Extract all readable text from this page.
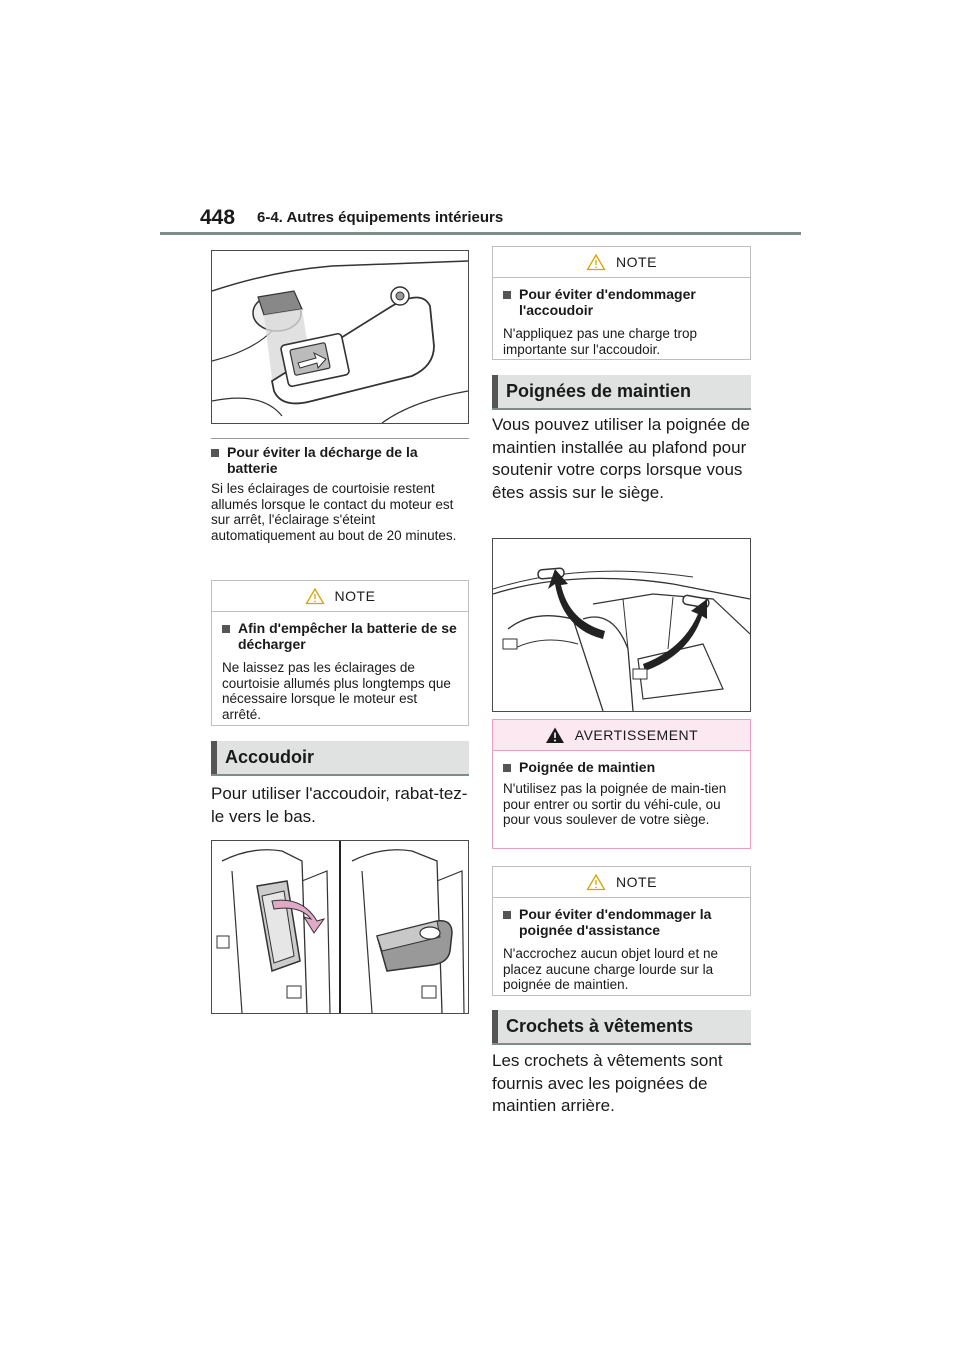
448 6-4. Autres équipements intérieurs
Pour éviter la décharge de la batterie
Si les éclairages de courtoisie restent allumés lorsque le contact du moteur est sur arrêt, l'éclairage s'éteint automatiquement au bout de 20 minutes.
NOTE
Afin d'empêcher la batterie de se décharger
Ne laissez pas les éclairages de courtoisie allumés plus longtemps que nécessaire lorsque le moteur est arrêté.
Accoudoir
Pour utiliser l'accoudoir, rabat-tez-le vers le bas.
NOTE
Pour éviter d'endommager l'accoudoir
N'appliquez pas une charge trop importante sur l'accoudoir.
Poignées de maintien
Vous pouvez utiliser la poignée de maintien installée au plafond pour soutenir votre corps lorsque vous êtes assis sur le siège.
AVERTISSEMENT
Poignée de maintien
N'utilisez pas la poignée de main-tien pour entrer ou sortir du véhi-cule, ou pour vous soulever de votre siège.
NOTE
Pour éviter d'endommager la poignée d'assistance
N'accrochez aucun objet lourd et ne placez aucune charge lourde sur la poignée de maintien.
Crochets à vêtements
Les crochets à vêtements sont fournis avec les poignées de maintien arrière.
